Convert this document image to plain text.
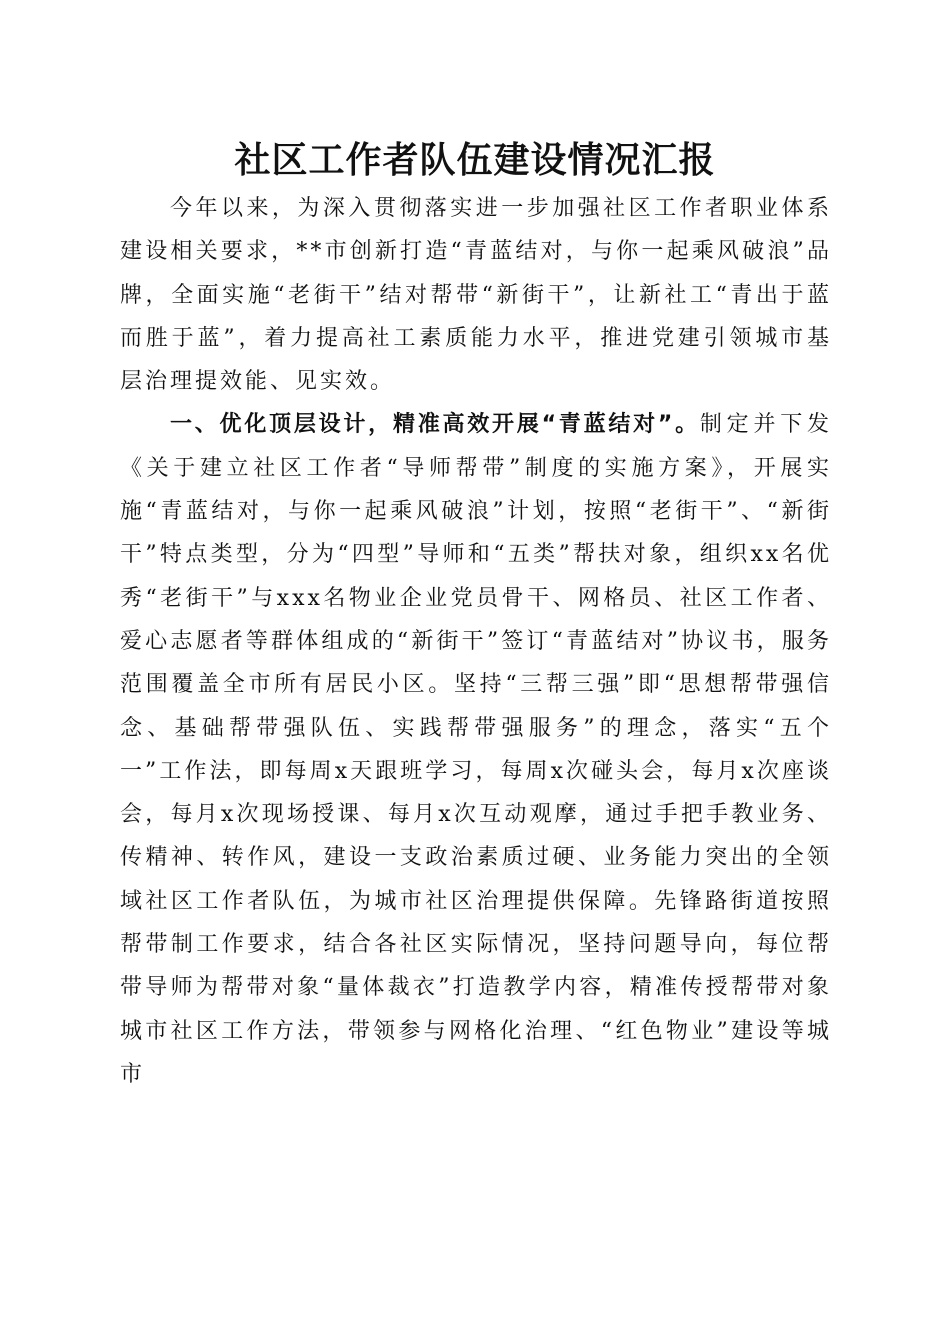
社区工作者队伍建设情况汇报

今年以来，为深入贯彻落实进一步加强社区工作者职业体系建设相关要求，**市创新打造“青蓝结对，与你一起乘风破浪”品牌，全面实施“老街干”结对帮带“新街干”，让新社工“青出于蓝而胜于蓝”，着力提高社工素质能力水平，推进党建引领城市基层治理提效能、见实效。

一、优化顶层设计，精准高效开展“青蓝结对”。制定并下发《关于建立社区工作者“导师帮带”制度的实施方案》，开展实施“青蓝结对，与你一起乘风破浪”计划，按照“老街干”、“新街干”特点类型，分为“四型”导师和“五类”帮扶对象，组织xx名优秀“老街干”与xxx名物业企业党员骨干、网格员、社区工作者、爱心志愿者等群体组成的“新街干”签订“青蓝结对”协议书，服务范围覆盖全市所有居民小区。坚持“三帮三强”即“思想帮带强信念、基础帮带强队伍、实践帮带强服务”的理念，落实“五个一”工作法，即每周x天跟班学习，每周x次碰头会，每月x次座谈会，每月x次现场授课、每月x次互动观摩，通过手把手教业务、传精神、转作风，建设一支政治素质过硬、业务能力突出的全领域社区工作者队伍，为城市社区治理提供保障。先锋路街道按照帮带制工作要求，结合各社区实际情况，坚持问题导向，每位帮带导师为帮带对象“量体裁衣”打造教学内容，精准传授帮带对象城市社区工作方法，带领参与网格化治理、“红色物业”建设等城市
